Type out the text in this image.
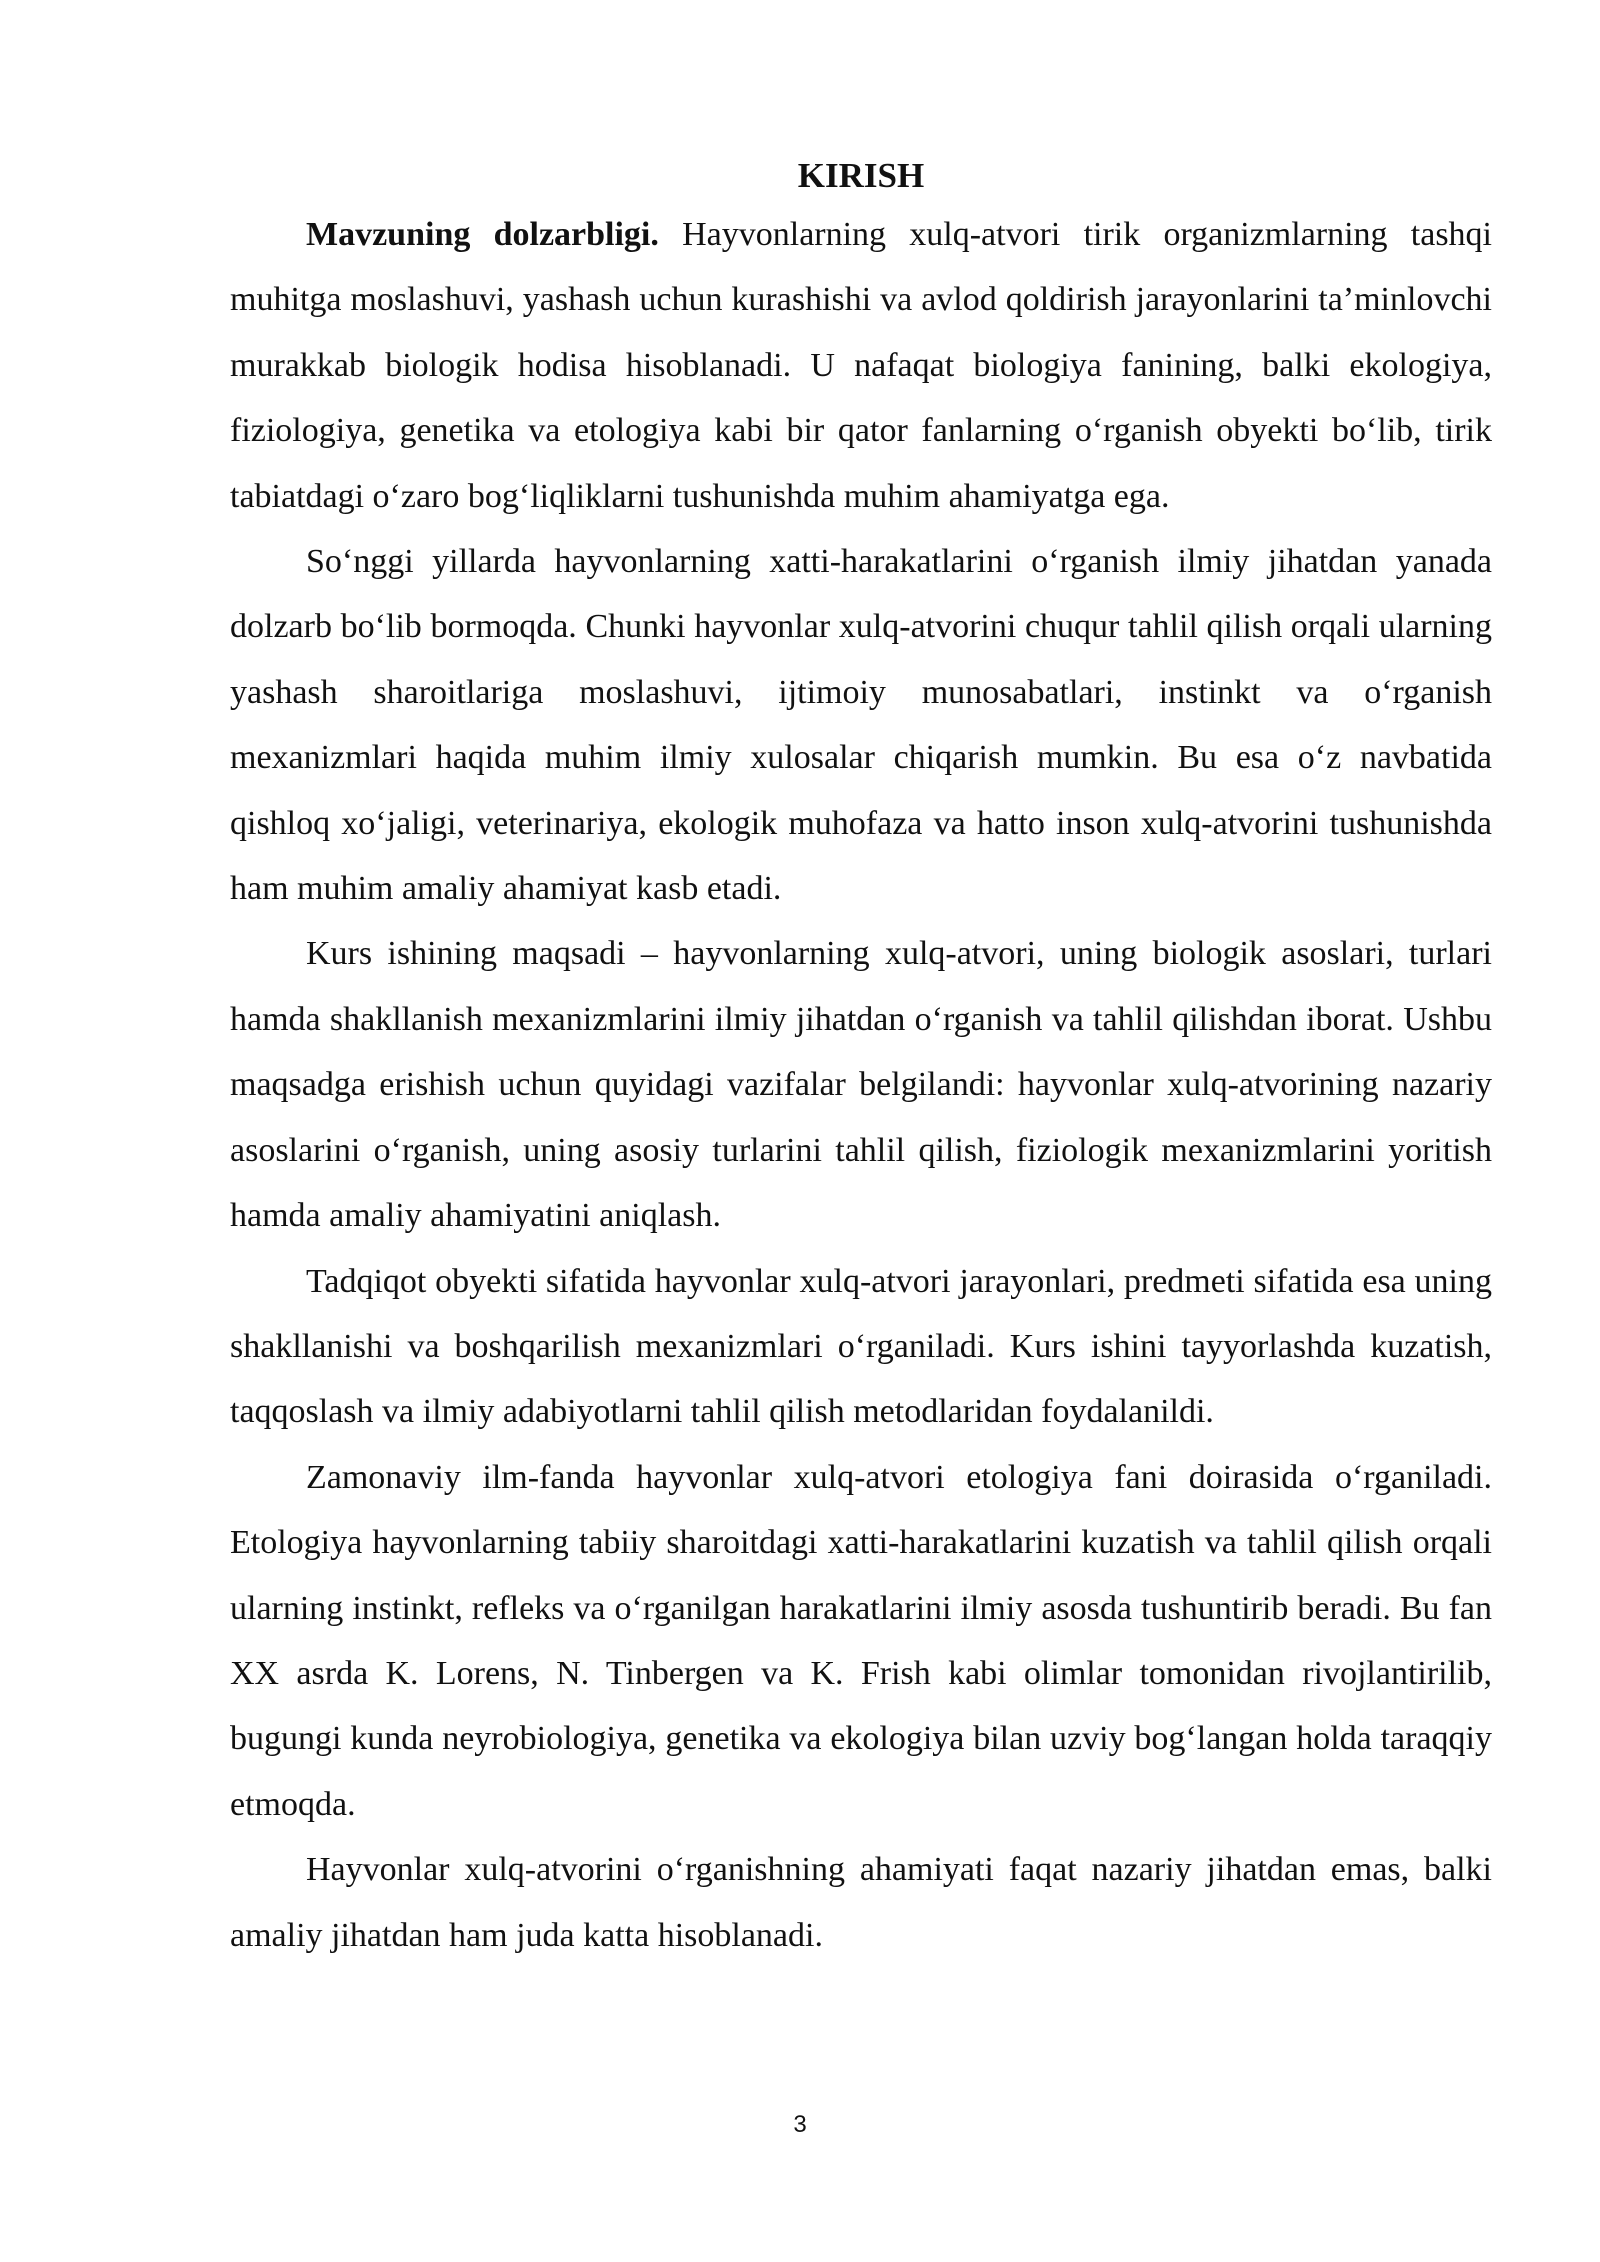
KIRISH

Mavzuning dolzarbligi. Hayvonlarning xulq-atvori tirik organizmlarning tashqi muhitga moslashuvi, yashash uchun kurashishi va avlod qoldirish jarayonlarini ta’minlovchi murakkab biologik hodisa hisoblanadi. U nafaqat biologiya fanining, balki ekologiya, fiziologiya, genetika va etologiya kabi bir qator fanlarning o‘rganish obyekti bo‘lib, tirik tabiatdagi o‘zaro bog‘liqliklarni tushunishda muhim ahamiyatga ega.

So‘nggi yillarda hayvonlarning xatti-harakatlarini o‘rganish ilmiy jihatdan yanada dolzarb bo‘lib bormoqda. Chunki hayvonlar xulq-atvorini chuqur tahlil qilish orqali ularning yashash sharoitlariga moslashuvi, ijtimoiy munosabatlari, instinkt va o‘rganish mexanizmlari haqida muhim ilmiy xulosalar chiqarish mumkin. Bu esa o‘z navbatida qishloq xo‘jaligi, veterinariya, ekologik muhofaza va hatto inson xulq-atvorini tushunishda ham muhim amaliy ahamiyat kasb etadi.

Kurs ishining maqsadi – hayvonlarning xulq-atvori, uning biologik asoslari, turlari hamda shakllanish mexanizmlarini ilmiy jihatdan o‘rganish va tahlil qilishdan iborat. Ushbu maqsadga erishish uchun quyidagi vazifalar belgilandi: hayvonlar xulq-atvorining nazariy asoslarini o‘rganish, uning asosiy turlarini tahlil qilish, fiziologik mexanizmlarini yoritish hamda amaliy ahamiyatini aniqlash.

Tadqiqot obyekti sifatida hayvonlar xulq-atvori jarayonlari, predmeti sifatida esa uning shakllanishi va boshqarilish mexanizmlari o‘rganiladi. Kurs ishini tayyorlashda kuzatish, taqqoslash va ilmiy adabiyotlarni tahlil qilish metodlaridan foydalanildi.

Zamonaviy ilm-fanda hayvonlar xulq-atvori etologiya fani doirasida o‘rganiladi. Etologiya hayvonlarning tabiiy sharoitdagi xatti-harakatlarini kuzatish va tahlil qilish orqali ularning instinkt, refleks va o‘rganilgan harakatlarini ilmiy asosda tushuntirib beradi. Bu fan XX asrda K. Lorens, N. Tinbergen va K. Frish kabi olimlar tomonidan rivojlantirilib, bugungi kunda neyrobiologiya, genetika va ekologiya bilan uzviy bog‘langan holda taraqqiy etmoqda.

Hayvonlar xulq-atvorini o‘rganishning ahamiyati faqat nazariy jihatdan emas, balki amaliy jihatdan ham juda katta hisoblanadi.

3
